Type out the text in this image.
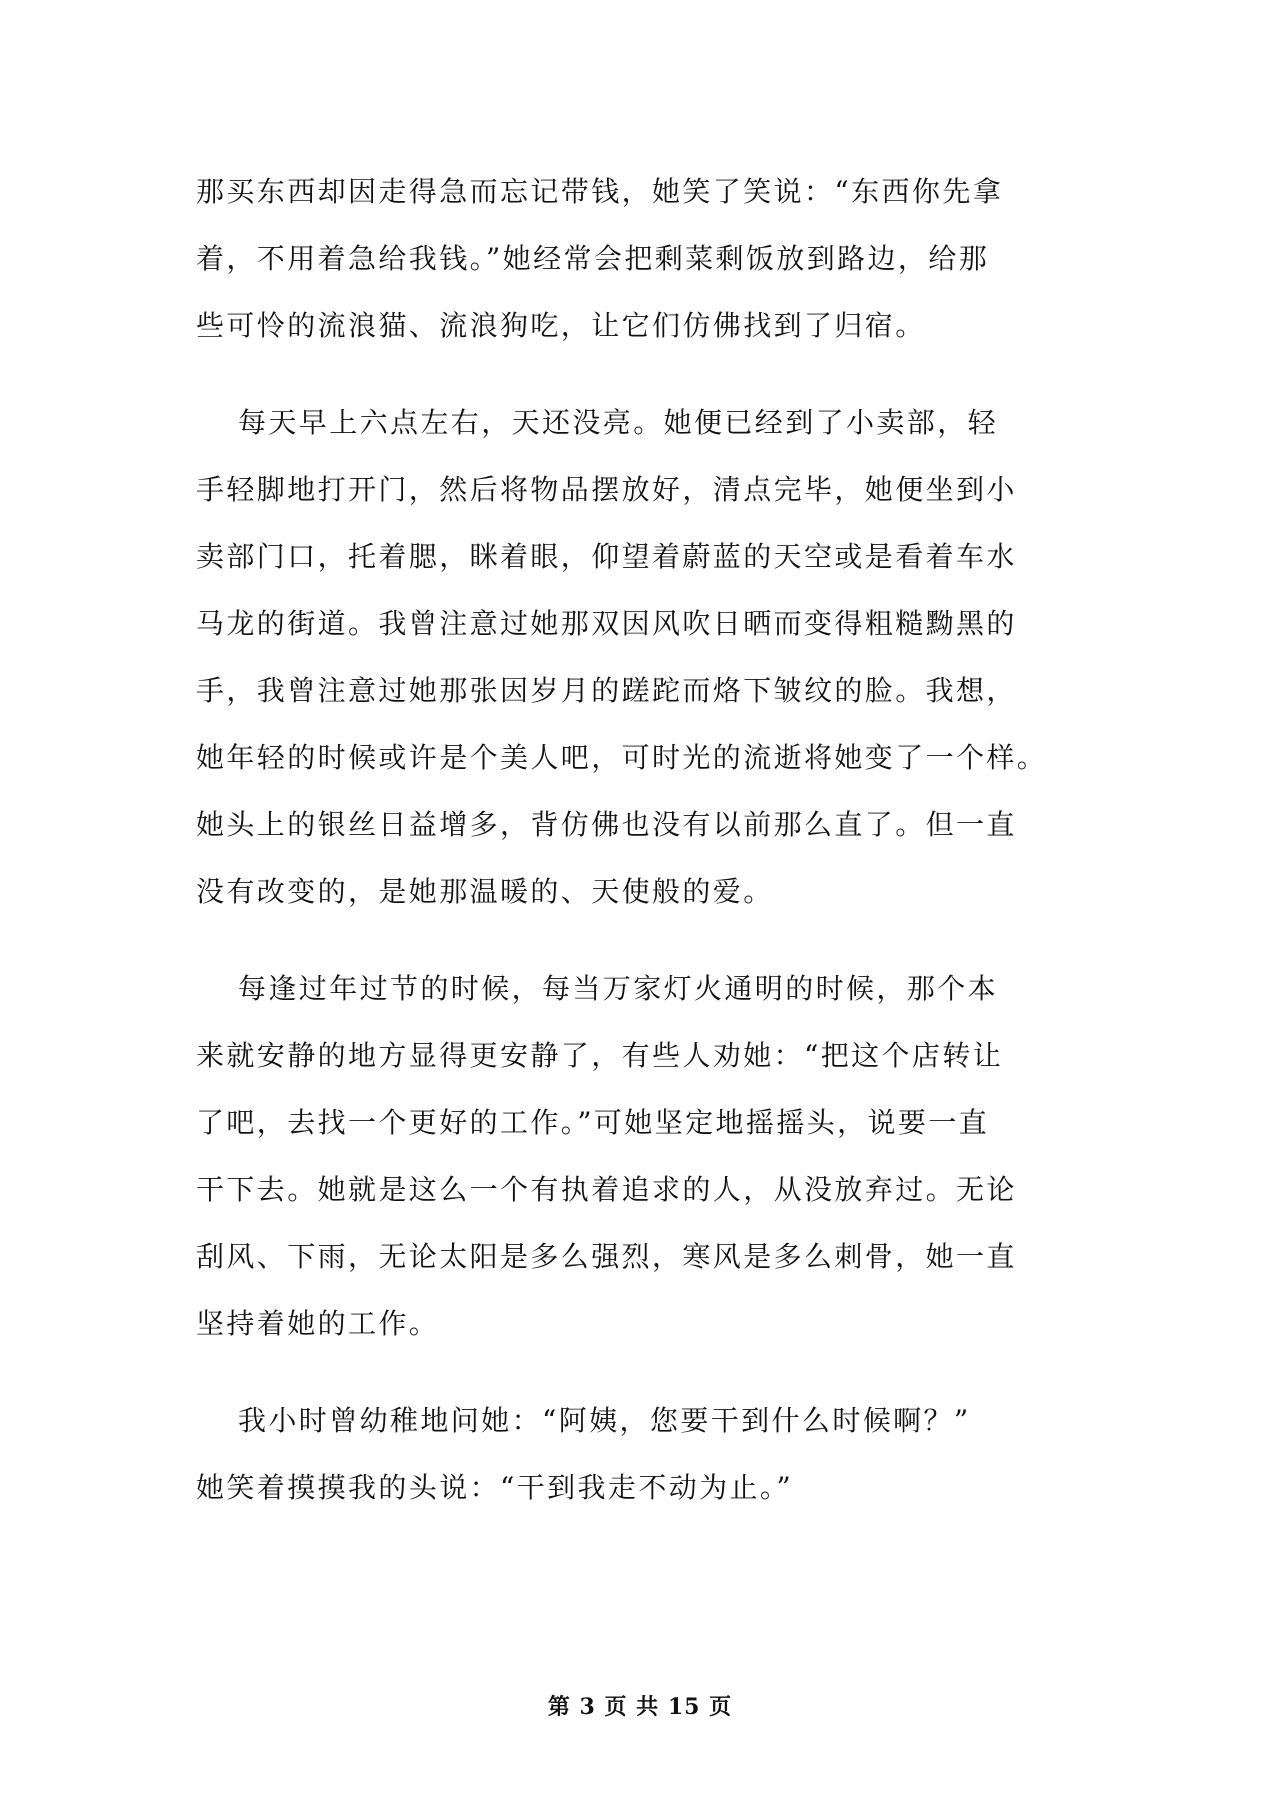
那买东西却因走得急而忘记带钱，她笑了笑说：“东西你先拿
着，不用着急给我钱。”她经常会把剩菜剩饭放到路边，给那
些可怜的流浪猫、流浪狗吃，让它们仿佛找到了归宿。

每天早上六点左右，天还没亮。她便已经到了小卖部，轻
手轻脚地打开门，然后将物品摆放好，清点完毕，她便坐到小
卖部门口，托着腮，眯着眼，仰望着蔚蓝的天空或是看着车水
马龙的街道。我曾注意过她那双因风吹日晒而变得粗糙黝黑的
手，我曾注意过她那张因岁月的蹉跎而烙下皱纹的脸。我想，
她年轻的时候或许是个美人吧，可时光的流逝将她变了一个样。
她头上的银丝日益增多，背仿佛也没有以前那么直了。但一直
没有改变的，是她那温暖的、天使般的爱。

每逢过年过节的时候，每当万家灯火通明的时候，那个本
来就安静的地方显得更安静了，有些人劝她：“把这个店转让
了吧，去找一个更好的工作。”可她坚定地摇摇头，说要一直
干下去。她就是这么一个有执着追求的人，从没放弃过。无论
刮风、下雨，无论太阳是多么强烈，寒风是多么刺骨，她一直
坚持着她的工作。

我小时曾幼稚地问她：“阿姨，您要干到什么时候啊？”
她笑着摸摸我的头说：“干到我走不动为止。”

第 3 页 共 15 页
